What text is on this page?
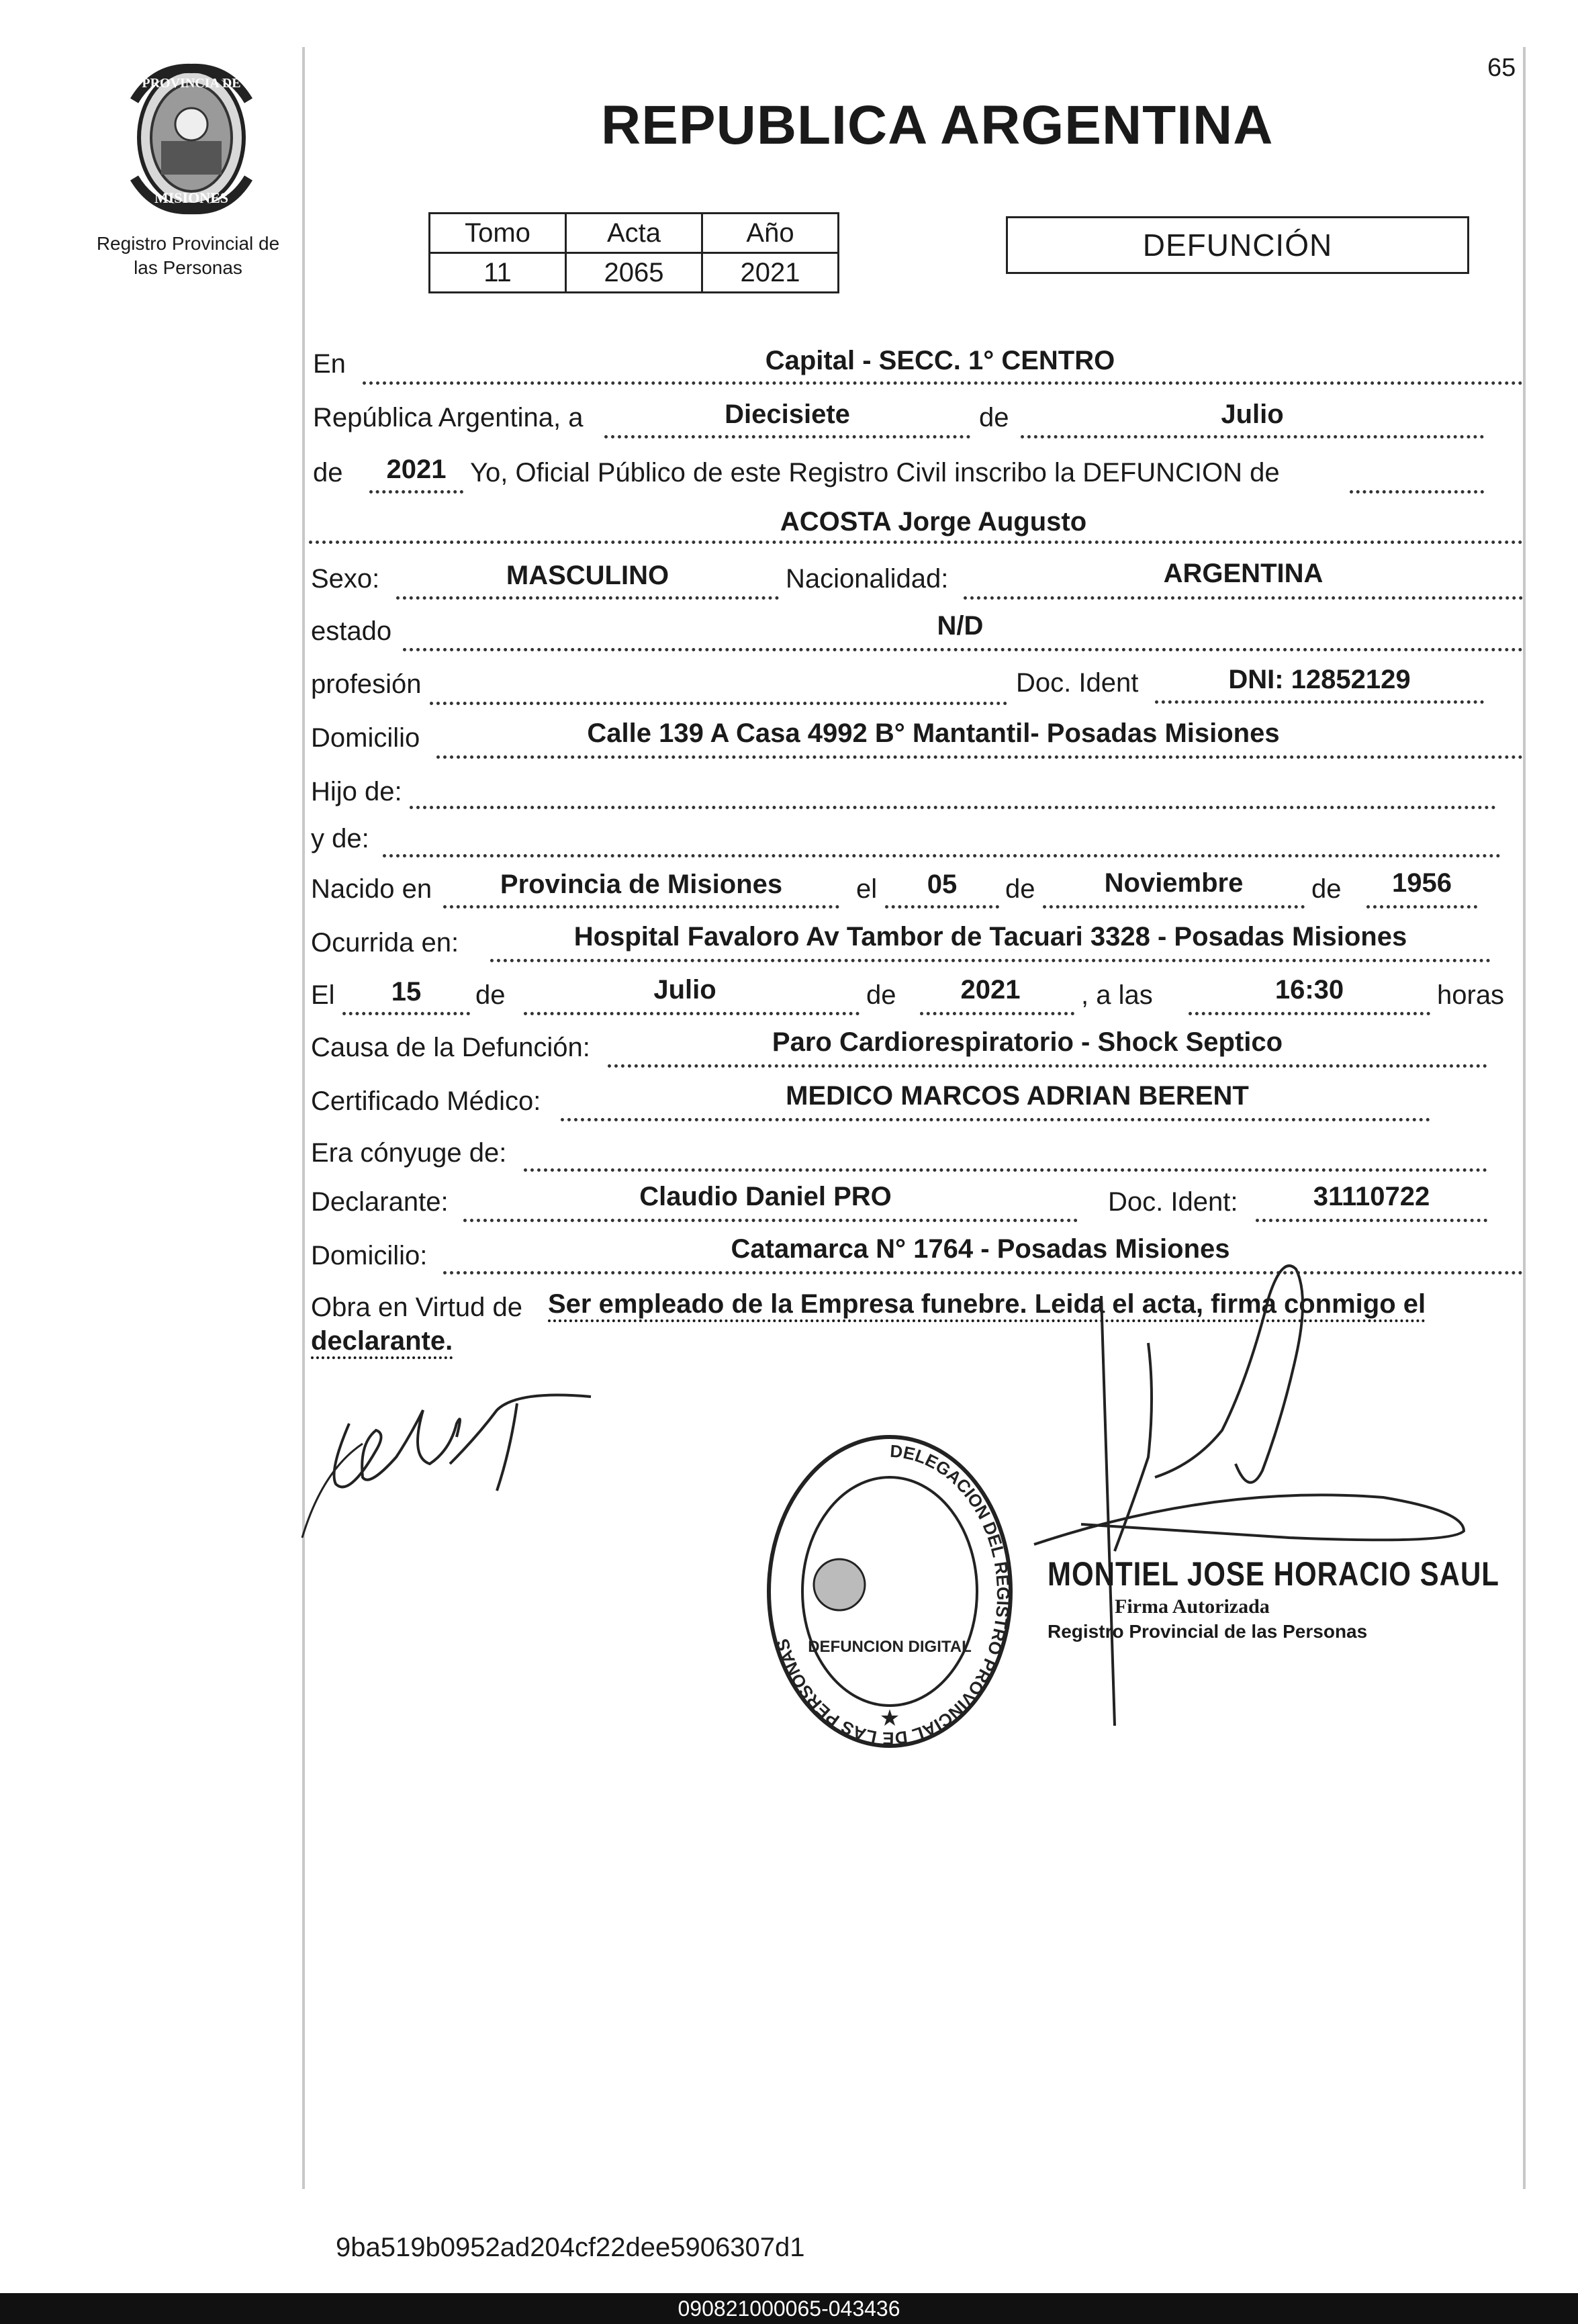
65
PROVINCIA DE
MISIONES
Registro Provincial de
las Personas
REPUBLICA ARGENTINA
Tomo	Acta	Año
11	2065	2021
DEFUNCIÓN
En	Capital - SECC. 1° CENTRO
República Argentina, a	Diecisiete	de	Julio
de	2021 Yo, Oficial Público de este Registro Civil inscribo la DEFUNCION de
ACOSTA Jorge Augusto
Sexo:	MASCULINO	Nacionalidad:	ARGENTINA
estado	N/D
profesión	Doc. Ident	DNI: 12852129
Domicilio	Calle 139 A Casa 4992 B° Mantantil- Posadas Misiones
Hijo de:
y de:
Nacido en	Provincia de Misiones	el	05	de	Noviembre	de	1956
Ocurrida en:	Hospital Favaloro Av Tambor de Tacuari 3328 - Posadas Misiones
El	15	de	Julio	de	2021	, a las	16:30	horas
Causa de la Defunción:	Paro Cardiorespiratorio - Shock Septico
Certificado Médico:	MEDICO MARCOS ADRIAN BERENT
Era cónyuge de:
Declarante:	Claudio Daniel PRO	Doc. Ident:	31110722
Domicilio:	Catamarca N° 1764 - Posadas Misiones
Obra en Virtud de Ser empleado de la Empresa funebre. Leida el acta, firma conmigo el
declarante.
DELEGACION DEL REGISTRO PROVINCIAL DE LAS PERSONAS DEFUNCION DIGITAL
★
MONTIEL JOSE HORACIO SAUL
Firma Autorizada
Registro Provincial de las Personas
9ba519b0952ad204cf22dee5906307d1
090821000065-043436
